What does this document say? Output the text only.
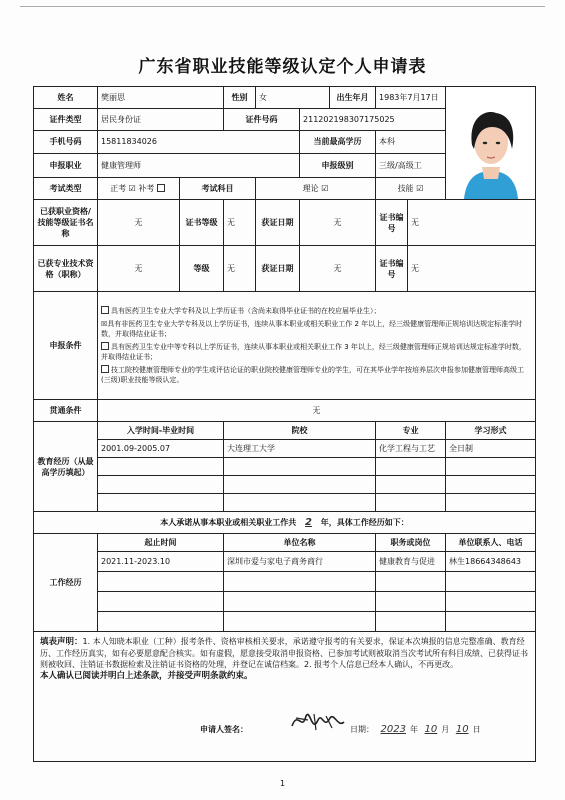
广东省职业技能等级认定个人申请表
姓名	樊丽思		性别	女		出生年月	1983年7月17日	

证件类型	居民身份证		证件号码		211202198307175025				
手机号码	15811834026				当前最高学历		本科		
申报职业	健康管理师				申报级别		三级/高级工		
考试类型	正考 ☑ 补考	考试科目		理论 ☑			技能 ☑		
已获职业资格/技能等级证书名称	无	证书等级	无	获证日期	无		证书编号	无	
已获专业技术资格（职称）	无	等级	无	获证日期	无		证书编号	无	
申报条件	具有医药卫生专业大学专科及以上学历证书（含尚未取得毕业证书的在校应届毕业生）；
☒具有非医药卫生专业大学专科及以上学历证书，连续从事本职业或相关职业工作 2 年以上，经三级健康管理师正规培训达规定标准学时数，并取得结业证书；
具有医药卫生专业中等专科以上学历证书，连续从事本职业或相关职业工作 3 年以上，经三级健康管理师正规培训达规定标准学时数，并取得结业证书；
技工院校健康管理师专业的学生或评估论证的职业院校健康管理师专业的学生，可在其毕业学年按培养层次申报参加健康管理师高级工(三级)职业技能等级认定。								

贯通条件	无								
教育经历（从最高学历填起）	入学时间-毕业时间		院校				专业		学习形式
	2001.09-2005.07		大连理工大学				化学工程与工艺		全日制

本人承诺从事本职业或相关职业工作共 2 年，具体工作经历如下：									
工作经历	起止时间		单位名称				职务或岗位		单位联系人、电话
	2021.11-2023.10		深圳市爱与家电子商务商行				健康教育与促进		林生18664348643

填表声明：1. 本人知晓本职业（工种）报考条件、资格审核相关要求，承诺遵守报考的有关要求，保证本次填报的信息完整准确、教育经历、工作经历真实，如有必要愿意配合核实。如有虚假，愿意接受取消申报资格、已参加考试则被取消当次考试所有科目成绩、已获得证书则被收回、注销证书数据检索及注销证书资格的处理，并登记在诚信档案。2. 报考个人信息已经本人确认，不再更改。
本人确认已阅读并明白上述条款，并接受声明条款约束。									
申请人签名：	日期： 2023 年 10 月 10 日
1
